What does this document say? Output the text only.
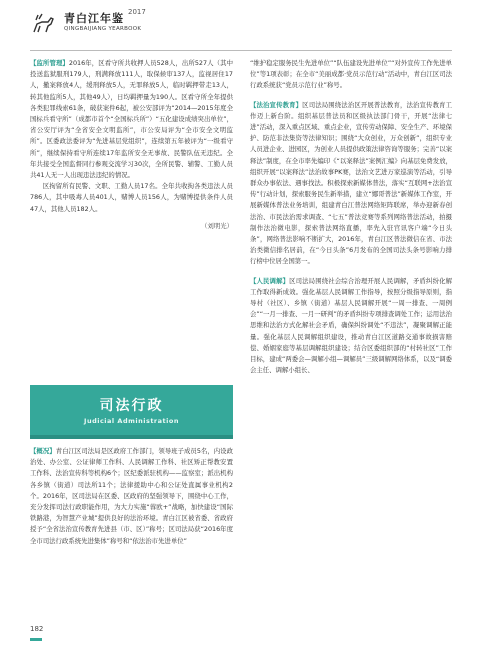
青白江年鉴 2017
QINGBAIJIANG YEARBOOK

【监所管理】2016年，区看守所共收押人员528人，出所527人（其中投送监狱服刑179人，刑满释放111人，取保候审137人，监视居住17人，撤案释放4人，缓刑释放5人，无罪释放5人，临时羁押带走13人，转其他监所5人，其他49人），日均羁押量为190人。区看守所全年提供各类犯罪线索61条，破获案件6起，被公安部评为“2014—2015年度全国标兵看守所”（成都市首个“全国标兵所”）“五化建设成绩突出单位”，省公安厅评为“全省安全文明监所”，市公安局评为“全市安全文明监所”。区委政法委评为“先进基层党组织”，连续第五年被评为“一级看守所”，继续保持看守所连续17年监所安全无事故、民警队伍无违纪。全年共接受全国监督同行参观交流学习30次，全所民警、辅警、工勤人员共41人无一人出现违法违纪的情况。

区拘留所有民警、文职、工勤人员17名。全年共收拘各类违法人员786人，其中吸毒人员401人，赌博人员156人，为赌博提供条件人员47人，其他人员182人。

（刘明光）
司法行政
Judicial Administration

【概况】青白江区司法局是区政府工作部门，领导班子成员5名，内设政治处、办公室、公证律师工作科、人民调解工作科、社区矫正帮教安置工作科、法治宣传科等机构6个；区纪委派驻机构——监察室；派出机构各乡镇（街道）司法所11个；法律援助中心和公证处直属事业机构2个。2016年，区司法局在区委、区政府的坚强领导下，围绕中心工作，充分发挥司法行政职能作用，为大力实施“蓉欧+”战略，加快建设“国际铁路港，为智慧产业城”提供良好的法治环境。青白江区被省委、省政府授予“全省法治宣传教育先进县（市、区）”称号；区司法局获“2016年度全市司法行政系统先进集体”称号和“依法治市先进单位”

“维护稳定服务民生先进单位”“队伍建设先进单位”“对外宣传工作先进单位”等1项表彰；在全市“美丽成都·党员示范行动”活动中，青白江区司法行政系统获“党员示范行业”称号。

【法治宣传教育】区司法局围绕法治区开展普法教育，法治宣传教育工作迈上新台阶。组织基层普法员和区级执法部门骨干，开展“法律七进”活动，深入重点区域、重点企业，宣传劳动保障、安全生产、环境保护、防范非法集资等法律知识；围绕“大众创业，万众创新”，组织专业人员进企业、进园区，为创业人员提供政策法律咨询等服务；完善“以案释法”制度，在全市率先编印《“以案释法”案例汇编》向基层免费发放，组织开展“以案释法”法治故事PK赛，法治文艺进万家巡演等活动，引导群众办事依法、遇事找法。积极探索新媒体普法，落实“互联网+法治宣传”行动计划，探索服务民生新举措，建立“娜哥普法”新媒体工作室，开展新媒体普法业务培训，组建青白江普法网络矩阵联席，举办迎新春创法治、市民法治需求调查、“七五”普法竞赛等系列网络普法活动，拍摄制作法治微电影，探索普法网络直播，率先入驻官讯客户端“今日头条”，网络普法影响不断扩大，2016年，青白江区普法微信在省、市法治类微信排名居前，在“今日头条”6月发布的全国司法头条号影响力排行榜中位居全国第一。

【人民调解】区司法局围绕社会综合治理开展人民调解，矛盾纠纷化解工作取得新成效。强化基层人民调解工作指导，按照分级指导原则，指导村（社区）、乡镇（街道）基层人民调解开展“一周一排查、一周例会”“一月一排查、一月一研判”的矛盾纠纷专项排查调处工作；运用法治思维和法治方式化解社会矛盾，确保纠纷调处“不违法”，凝聚调解正能量。强化基层人民调解组织建设，推动青白江区道路交通事故损害赔偿、婚姻家庭等基层调解组织建设；结合区委组织部的“村转社区”工作目标，建成“两委会—调解小组—调解员”三级调解网络体系，以及“调委会主任、调解小组长、

182
